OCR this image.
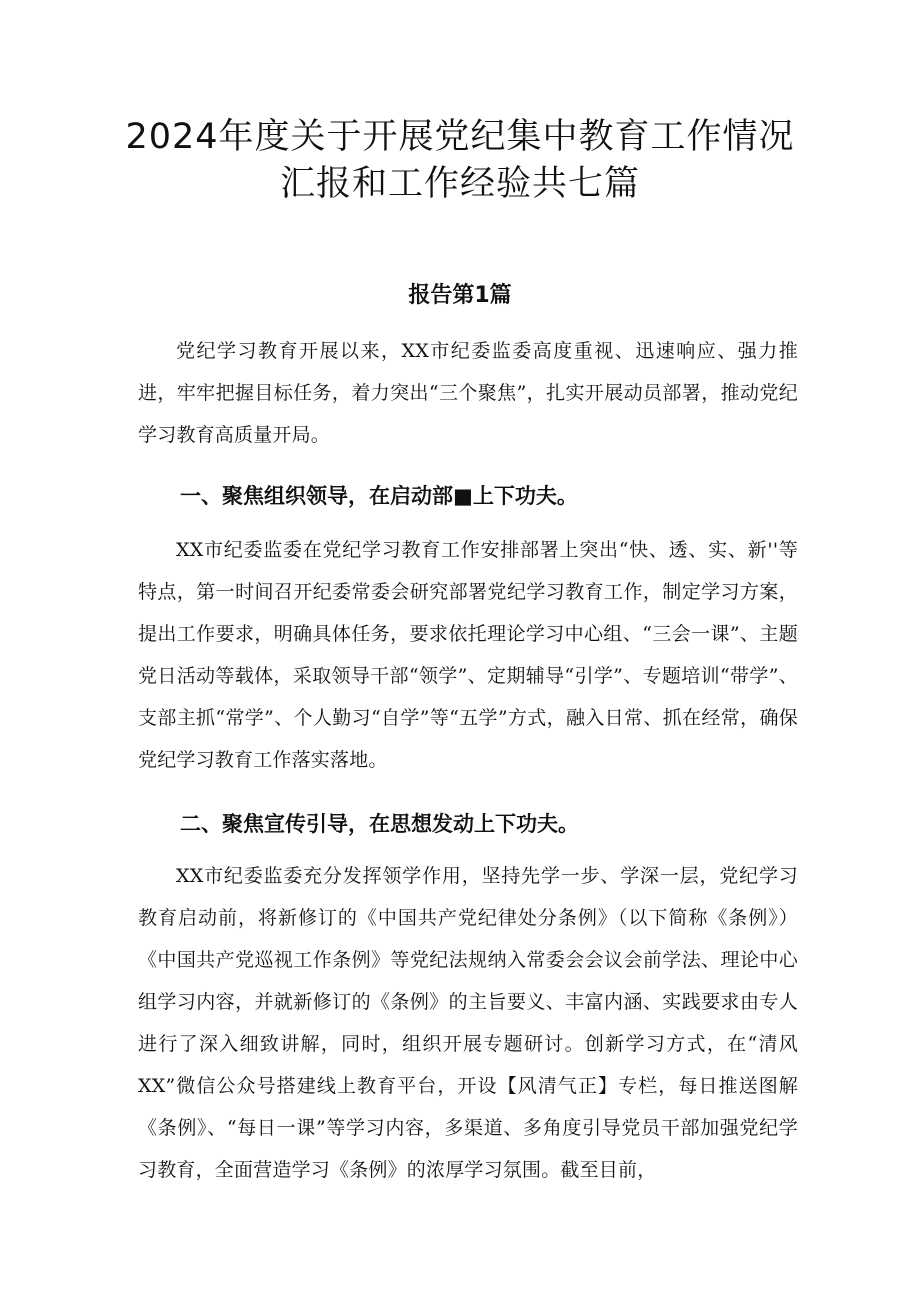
2024年度关于开展党纪集中教育工作情况
汇报和工作经验共七篇
报告第1篇

党纪学习教育开展以来，XX市纪委监委高度重视、迅速响应、强力推进，牢牢把握目标任务，着力突出“三个聚焦”，扎实开展动员部署，推动党纪学习教育高质量开局。

一、聚焦组织领导，在启动部■上下功夫。

XX市纪委监委在党纪学习教育工作安排部署上突出“快、透、实、新''等特点，第一时间召开纪委常委会研究部署党纪学习教育工作，制定学习方案，提出工作要求，明确具体任务，要求依托理论学习中心组、“三会一课”、主题党日活动等载体，采取领导干部“领学”、定期辅导“引学”、专题培训“带学”、支部主抓“常学”、个人勤习“自学”等“五学”方式，融入日常、抓在经常，确保党纪学习教育工作落实落地。

二、聚焦宣传引导，在思想发动上下功夫。

XX市纪委监委充分发挥领学作用，坚持先学一步、学深一层，党纪学习教育启动前，将新修订的《中国共产党纪律处分条例》（以下简称《条例》）《中国共产党巡视工作条例》等党纪法规纳入常委会会议会前学法、理论中心组学习内容，并就新修订的《条例》的主旨要义、丰富内涵、实践要求由专人进行了深入细致讲解，同时，组织开展专题研讨。创新学习方式，在“清风XX”微信公众号搭建线上教育平台，开设【风清气正】专栏，每日推送图解《条例》、“每日一课”等学习内容，多渠道、多角度引导党员干部加强党纪学习教育，全面营造学习《条例》的浓厚学习氛围。截至目前，
